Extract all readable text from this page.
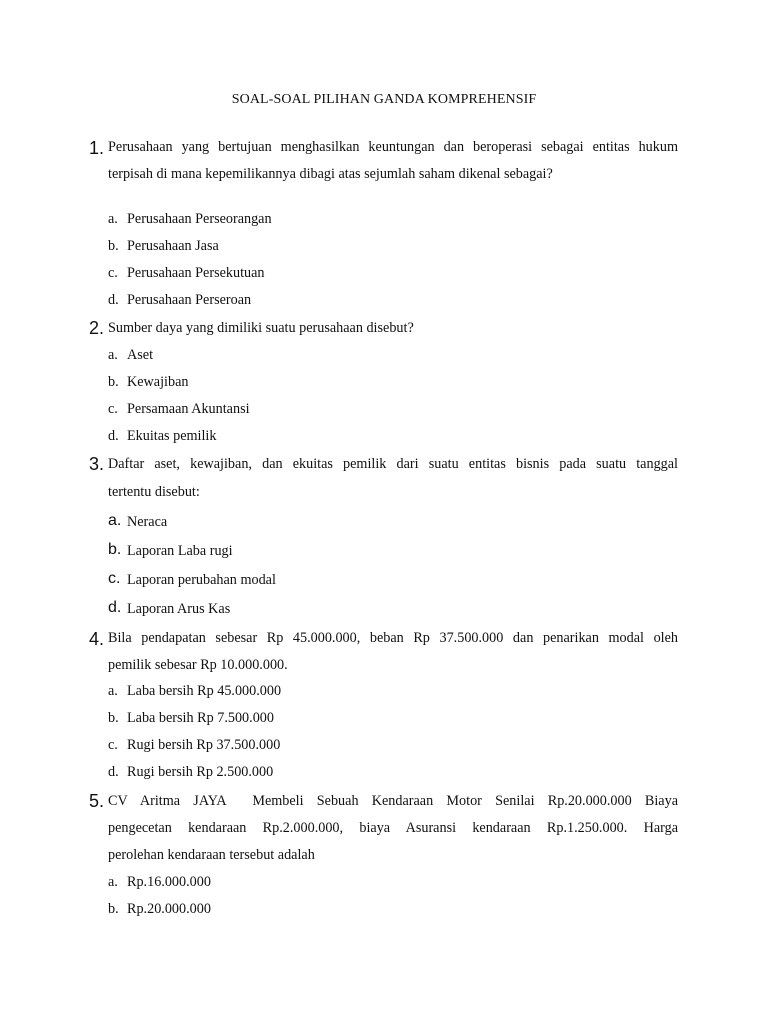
SOAL-SOAL PILIHAN GANDA KOMPREHENSIF
1. Perusahaan yang bertujuan menghasilkan keuntungan dan beroperasi sebagai entitas hukum
terpisah di mana kepemilikannya dibagi atas sejumlah saham dikenal sebagai?
a. Perusahaan Perseorangan
b. Perusahaan Jasa
c. Perusahaan Persekutuan
d. Perusahaan Perseroan
2. Sumber daya yang dimiliki suatu perusahaan disebut?
a. Aset
b. Kewajiban
c. Persamaan Akuntansi
d. Ekuitas pemilik
3. Daftar aset, kewajiban, dan ekuitas pemilik dari suatu entitas bisnis pada suatu tanggal
tertentu disebut:
a. Neraca
b. Laporan Laba rugi
c. Laporan perubahan modal
d. Laporan Arus Kas
4. Bila pendapatan sebesar Rp 45.000.000, beban Rp 37.500.000 dan penarikan modal oleh
pemilik sebesar Rp 10.000.000.
a. Laba bersih Rp 45.000.000
b. Laba bersih Rp 7.500.000
c. Rugi bersih Rp 37.500.000
d. Rugi bersih Rp 2.500.000
5. CV Aritma JAYA  Membeli Sebuah Kendaraan Motor Senilai Rp.20.000.000 Biaya
pengecetan kendaraan Rp.2.000.000, biaya Asuransi kendaraan Rp.1.250.000. Harga
perolehan kendaraan tersebut adalah
a. Rp.16.000.000
b. Rp.20.000.000
